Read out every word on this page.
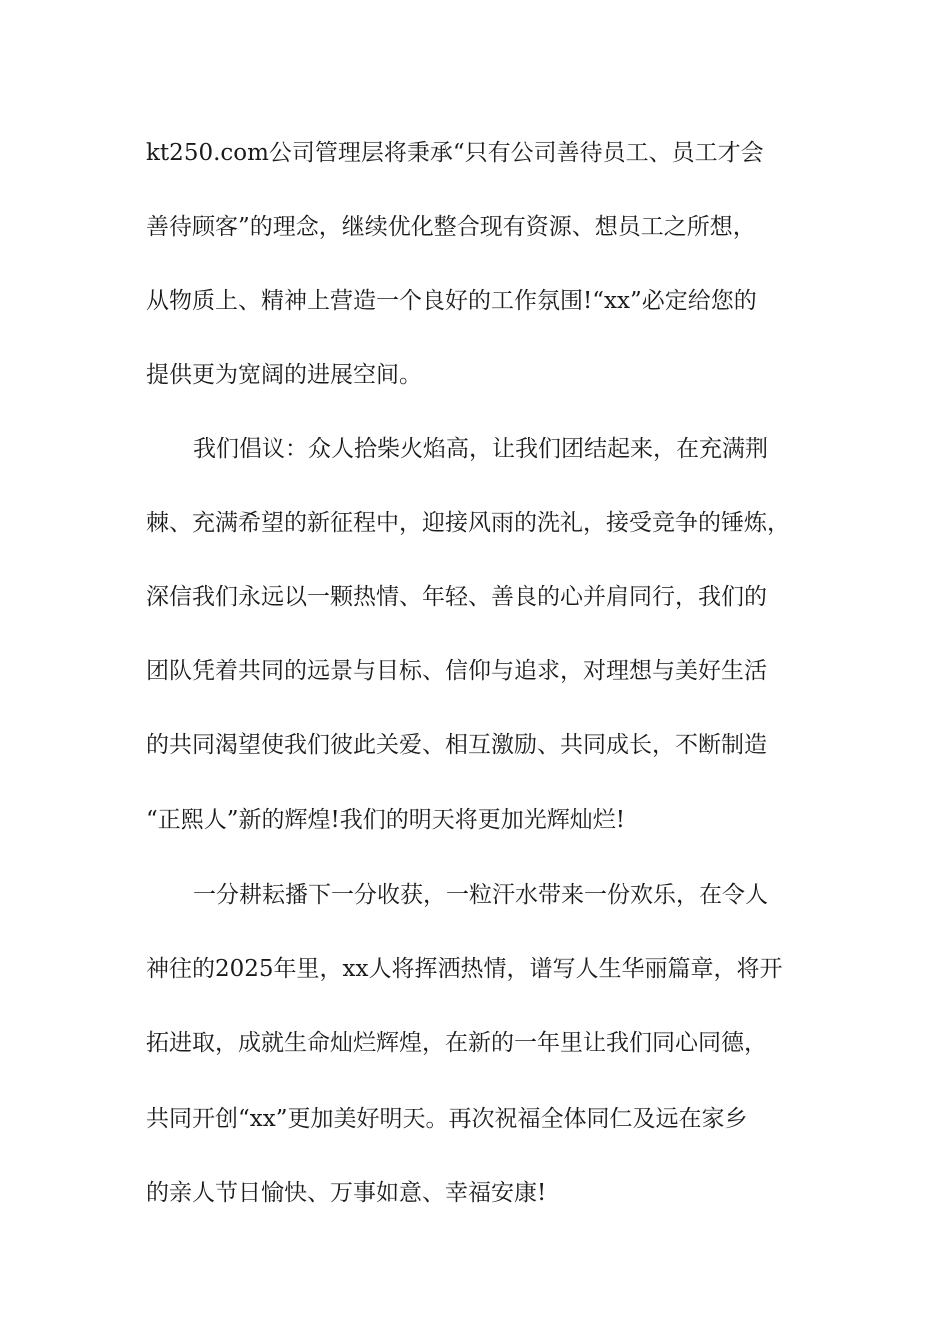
kt250.com公司管理层将秉承“只有公司善待员工、员工才会
善待顾客”的理念，继续优化整合现有资源、想员工之所想，
从物质上、精神上营造一个良好的工作氛围!“xx”必定给您的
提供更为宽阔的进展空间。
我们倡议：众人拾柴火焰高，让我们团结起来，在充满荆
棘、充满希望的新征程中，迎接风雨的洗礼，接受竞争的锤炼，
深信我们永远以一颗热情、年轻、善良的心并肩同行，我们的
团队凭着共同的远景与目标、信仰与追求，对理想与美好生活
的共同渴望使我们彼此关爱、相互激励、共同成长，不断制造
“正熙人”新的辉煌!我们的明天将更加光辉灿烂!
一分耕耘播下一分收获，一粒汗水带来一份欢乐，在令人
神往的2025年里，xx人将挥洒热情，谱写人生华丽篇章，将开
拓进取，成就生命灿烂辉煌，在新的一年里让我们同心同德，
共同开创“xx”更加美好明天。再次祝福全体同仁及远在家乡
的亲人节日愉快、万事如意、幸福安康!
